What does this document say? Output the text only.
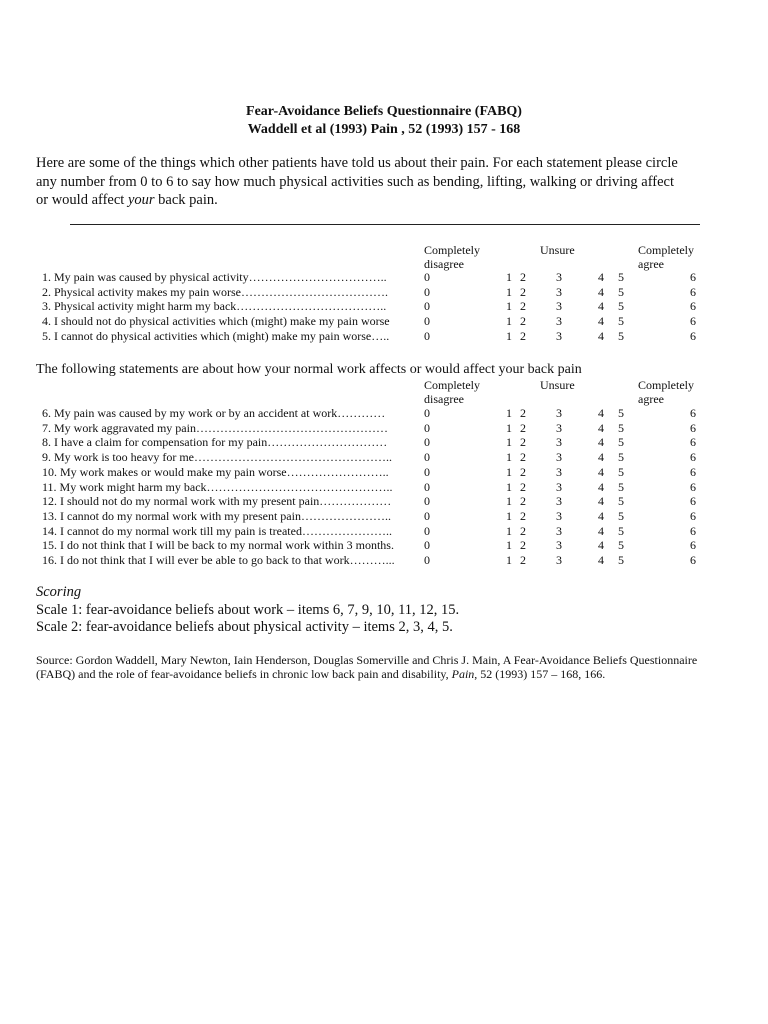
Fear-Avoidance Beliefs Questionnaire (FABQ)
Waddell et al (1993) Pain , 52 (1993) 157 - 168
Here are some of the things which other patients have told us about their pain. For each statement please circle any number from 0 to 6 to say how much physical activities such as bending, lifting, walking or driving affect or would affect your back pain.
Completely
disagree
Unsure	Completely
agree
1. My pain was caused by physical activity……………………………..	0	1 2	3	4 5	6
2. Physical activity makes my pain worse……………………………….	0	1 2	3	4 5	6
3. Physical activity might harm my back………………………………..	0	1 2	3	4 5	6
4. I should not do physical activities which (might) make my pain worse	0	1 2	3	4 5	6
5. I cannot do physical activities which (might) make my pain worse…..	0	1 2	3	4 5	6
The following statements are about how your normal work affects or would affect your back pain
Completely
disagree
Unsure	Completely
agree
6. My pain was caused by my work or by an accident at work…………	0	1 2	3	4 5	6
7. My work aggravated my pain…………………………………………	0	1 2	3	4 5	6
8. I have a claim for compensation for my pain…………………………	0	1 2	3	4 5	6
9. My work is too heavy for me…………………………………………..	0	1 2	3	4 5	6
10. My work makes or would make my pain worse……………………..	0	1 2	3	4 5	6
11. My work might harm my back………………………………………..	0	1 2	3	4 5	6
12. I should not do my normal work with my present pain………………	0	1 2	3	4 5	6
13. I cannot do my normal work with my present pain…………………..	0	1 2	3	4 5	6
14. I cannot do my normal work till my pain is treated…………………..	0	1 2	3	4 5	6
15. I do not think that I will be back to my normal work within 3 months.	0	1 2	3	4 5	6
16. I do not think that I will ever be able to go back to that work………... 0	1 2	3	4 5	6
Scoring
Scale 1: fear-avoidance beliefs about work – items 6, 7, 9, 10, 11, 12, 15.
Scale 2: fear-avoidance beliefs about physical activity – items 2, 3, 4, 5.
Source: Gordon Waddell, Mary Newton, Iain Henderson, Douglas Somerville and Chris J. Main, A Fear-Avoidance Beliefs Questionnaire (FABQ) and the role of fear-avoidance beliefs in chronic low back pain and disability, Pain, 52 (1993) 157 – 168, 166.
